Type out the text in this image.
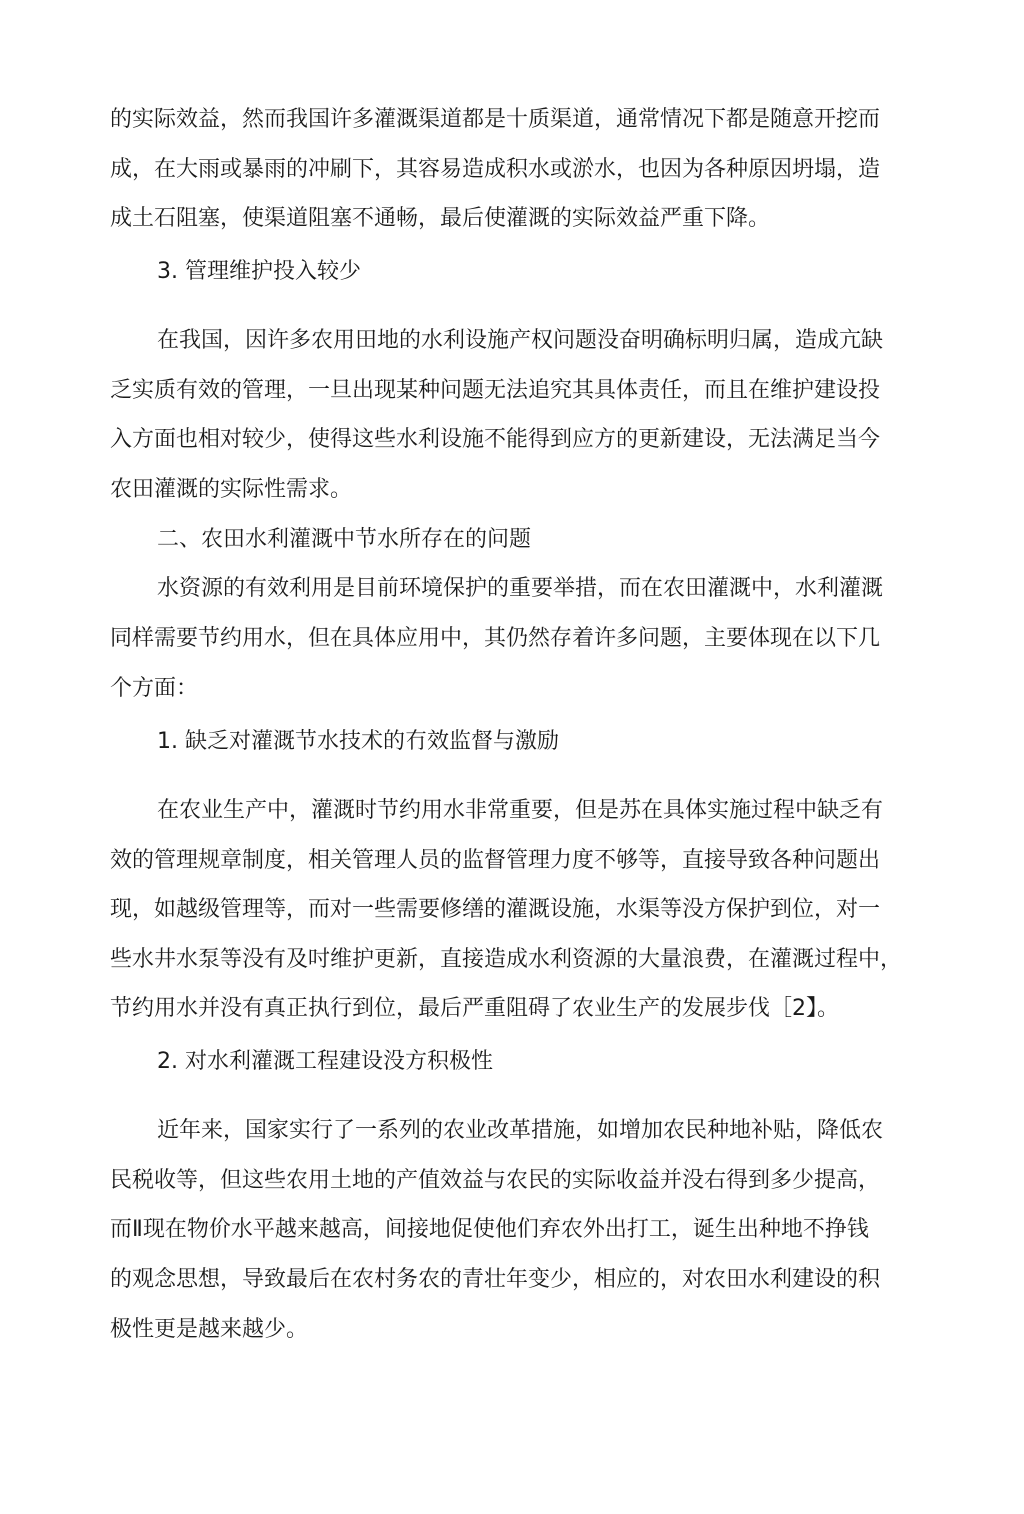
的实际效益，然而我国许多灌溉渠道都是十质渠道，通常情况下都是随意开挖而
成，在大雨或暴雨的冲刷下，其容易造成积水或淤水，也因为各种原因坍塌，造
成土石阻塞，使渠道阻塞不通畅，最后使灌溉的实际效益严重下降。
3. 管理维护投入较少
在我国，因许多农用田地的水利设施产权问题没奋明确标明归属，造成亢缺
乏实质有效的管理，一旦出现某种问题无法追究其具体责任，而且在维护建设投
入方面也相对较少，使得这些水利设施不能得到应方的更新建设，无法满足当今
农田灌溉的实际性需求。
二、农田水利灌溉中节水所存在的问题
水资源的有效利用是目前环境保护的重要举措，而在农田灌溉中，水利灌溉
同样需要节约用水，但在具体应用中，其仍然存着许多问题，主要体现在以下几
个方面：
1. 缺乏对灌溉节水技术的冇效监督与激励
在农业生产中，灌溉时节约用水非常重要，但是苏在具体实施过程中缺乏有
效的管理规章制度，相关管理人员的监督管理力度不够等，直接导致各种问题出
现，如越级管理等，而对一些需要修缮的灌溉设施，水渠等没方保护到位，对一
些水井水泵等没有及吋维护更新，直接造成水利资源的大量浪费，在灌溉过程中，
节约用水并没有真正执行到位，最后严重阻碍了农业生产的发展步伐［2】。
2. 对水利灌溉工程建设没方积极性
近年来，国家实行了一系列的农业改革措施，如增加农民种地补贴，降低农
民税收等，但这些农用土地的产值效益与农民的实际收益并没右得到多少提高，
而Ⅱ现在物价水平越来越高，间接地促使他们弃农外出打工，诞生出种地不挣钱
的观念思想，导致最后在农村务农的青壮年变少，相应的，对农田水利建设的积
极性更是越来越少。
